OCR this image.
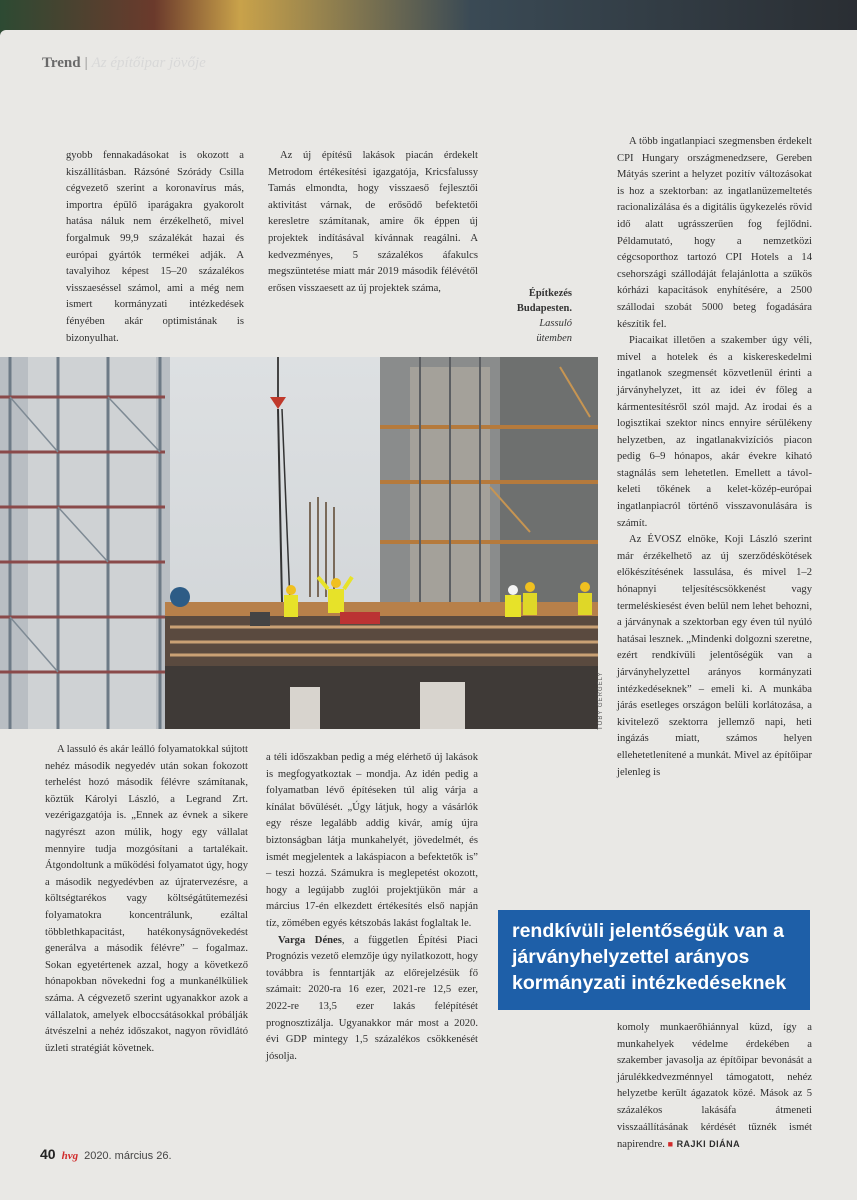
Trend | Az építőipar jövője

gyobb fennakadásokat is okozott a kiszállításban. Rázsóné Szórády Csilla cégvezető szerint a koronavírus más, importra épülő iparágakra gyakorolt hatása náluk nem érzékelhető, mivel forgalmuk 99,9 százalékát hazai és európai gyártók termékei adják. A tavalyihoz képest 15–20 százalékos visszaeséssel számol, ami a még nem ismert kormányzati intézkedések fényében akár optimistának is bizonyulhat.

Az új építésű lakások piacán érdekelt Metrodom értékesítési igazgatója, Kricsfalussy Tamás elmondta, hogy visszaeső fejlesztői aktivitást várnak, de erősödő befektetői keresletre számítanak, amire ők éppen új projektek indításával kívánnak reagálni. A kedvezményes, 5 százalékos áfakulcs megszüntetése miatt már 2019 második félévétől erősen visszaesett az új projektek száma,	Építkezés Budapesten.
Lassuló ütemben

A több ingatlanpiaci szegmensben érdekelt CPI Hungary országmenedzsere, Gereben Mátyás szerint a helyzet pozitív változásokat is hoz a szektorban: az ingatlanüzemeltetés racionalizálása és a digitális ügykezelés rövid idő alatt ugrásszerűen fog fejlődni. Példamutató, hogy a nemzetközi cégcsoporthoz tartozó CPI Hotels a 14 csehországi szállodáját felajánlotta a szűkös kórházi kapacitások enyhítésére, a 2500 szállodai szobát 5000 beteg fogadására készítik fel.

Piacaikat illetően a szakember úgy véli, mivel a hotelek és a kiskereskedelmi ingatlanok szegmensét közvetlenül érinti a járványhelyzet, itt az idei év főleg a kármentesítésről szól majd. Az irodai és a logisztikai szektor nincs ennyire sérülékeny helyzetben, az ingatlanakvizíciós piacon pedig 6–9 hónapos, akár évekre kiható stagnálás sem lehetetlen. Emellett a távol-keleti tőkének a kelet-közép-európai ingatlanpiacról történő visszavonulására is számít.

Az ÉVOSZ elnöke, Koji László szerint már érzékelhető az új szerződéskötések előkészítésének lassulása, és mivel 1–2 hónapnyi teljesítéscsökkenést vagy termeléskiesést éven belül nem lehet behozni, a járványnak a szektorban egy éven túl nyúló hatásai lesznek. „Mindenki dolgozni szeretne, ezért rendkívüli jelentőségük van a járványhelyzettel arányos kormányzati intézkedéseknek” – emeli ki. A munkába járás esetleges országon belüli korlátozása, a kivitelező szektorra jellemző napi, heti ingázás miatt, számos helyen ellehetetlenítené a munkát. Mivel az építőipar jelenleg is

TÓBY GERGELY

A lassuló és akár leálló folyamatokkal sújtott nehéz második negyedév után sokan fokozott terhelést hozó második félévre számítanak, köztük Károlyi László, a Legrand Zrt. vezérigazgatója is. „Ennek az évnek a sikere nagyrészt azon múlik, hogy egy vállalat mennyire tudja mozgósítani a tartalékait. Átgondoltunk a működési folyamatot úgy, hogy a második negyedévben az újratervezésre, a költségtarékos vagy költségátütemezési folyamatokra koncentrálunk, ezáltal többlethkapacitást, hatékonyságnövekedést generálva a második félévre” – fogalmaz. Sokan egyetértenek azzal, hogy a következő hónapokban növekedni fog a munkanélküliek száma. A cégvezető szerint ugyanakkor azok a vállalatok, amelyek elboccsátásokkal próbálják átvészelni a nehéz időszakot, nagyon rövidlátó üzleti stratégiát követnek.

a téli időszakban pedig a még elérhető új lakások is megfogyatkoztak – mondja. Az idén pedig a folyamatban lévő építéseken túl alig várja a kínálat bővülését. „Úgy látjuk, hogy a vásárlók egy része legalább addig kivár, amíg újra biztonságban látja munkahelyét, jövedelmét, és ismét megjelentek a lakáspiacon a befektetők is” – teszi hozzá. Számukra is meglepetést okozott, hogy a legújabb zuglói projektjükön már a március 17-én elkezdett értékesítés első napján tíz, zömében egyés kétszobás lakást foglaltak le.

Varga Dénes, a független Építési Piaci Prognózis vezető elemzője úgy nyilatkozott, hogy továbbra is fenntartják az előrejelzésük fő számait: 2020-ra 16 ezer, 2021-re 12,5 ezer, 2022-re 13,5 ezer lakás felépítését prognosztizálja. Ugyanakkor már most a 2020. évi GDP mintegy 1,5 százalékos csökkenését jósolja.

rendkívüli jelentőségük van a járványhelyzettel arányos kormányzati intézkedéseknek

komoly munkaerőhiánnyal küzd, így a munkahelyek védelme érdekében a szakember javasolja az építőipar bevonását a járulékkedvezménnyel támogatott, nehéz helyzetbe került ágazatok közé. Mások az 5 százalékos lakásáfa átmeneti visszaállításának kérdését tűznék ismét napirendre. ■ RAJKI DIÁNA

40 hvg 2020. március 26.
